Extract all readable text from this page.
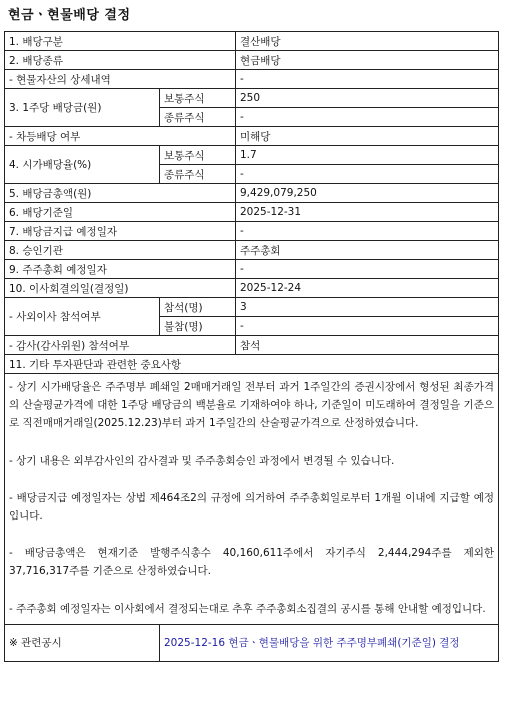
현금ㆍ현물배당 결정
1. 배당구분		결산배당
2. 배당종류		현금배당
- 현물자산의 상세내역		-
3. 1주당 배당금(원)	보통주식	250
	종류주식	-
- 차등배당 여부		미해당
4. 시가배당율(%)	보통주식	1.7
	종류주식	-
5. 배당금총액(원)		9,429,079,250
6. 배당기준일		2025-12-31
7. 배당금지급 예정일자		-
8. 승인기관		주주총회
9. 주주총회 예정일자		-
10. 이사회결의일(결정일)		2025-12-24
- 사외이사 참석여부	참석(명)	3
	불참(명)	-
- 감사(감사위원) 참석여부		참석
11. 기타 투자판단과 관련한 중요사항		

- 상기 시가배당율은 주주명부 폐쇄일 2매매거래일 전부터 과거 1주일간의 증권시장에서 형성된 최종가격의 산술평균가격에 대한 1주당 배당금의 백분율로 기재하여야 하나, 기준일이 미도래하여 결정일을 기준으로 직전매매거래일(2025.12.23)부터 과거 1주일간의 산술평균가격으로 산정하였습니다.

- 상기 내용은 외부감사인의 감사결과 및 주주총회승인 과정에서 변경될 수 있습니다.

- 배당금지급 예정일자는 상법 제464조2의 규정에 의거하여 주주총회일로부터 1개월 이내에 지급할 예정입니다.

- 배당금총액은 현재기준 발행주식총수 40,160,611주에서 자기주식 2,444,294주를 제외한 37,716,317주를 기준으로 산정하였습니다.

- 주주총회 예정일자는 이사회에서 결정되는대로 추후 주주총회소집결의 공시를 통해 안내할 예정입니다.		

※ 관련공시	2025-12-16 현금ㆍ현물배당을 위한 주주명부폐쇄(기준일) 결정	
